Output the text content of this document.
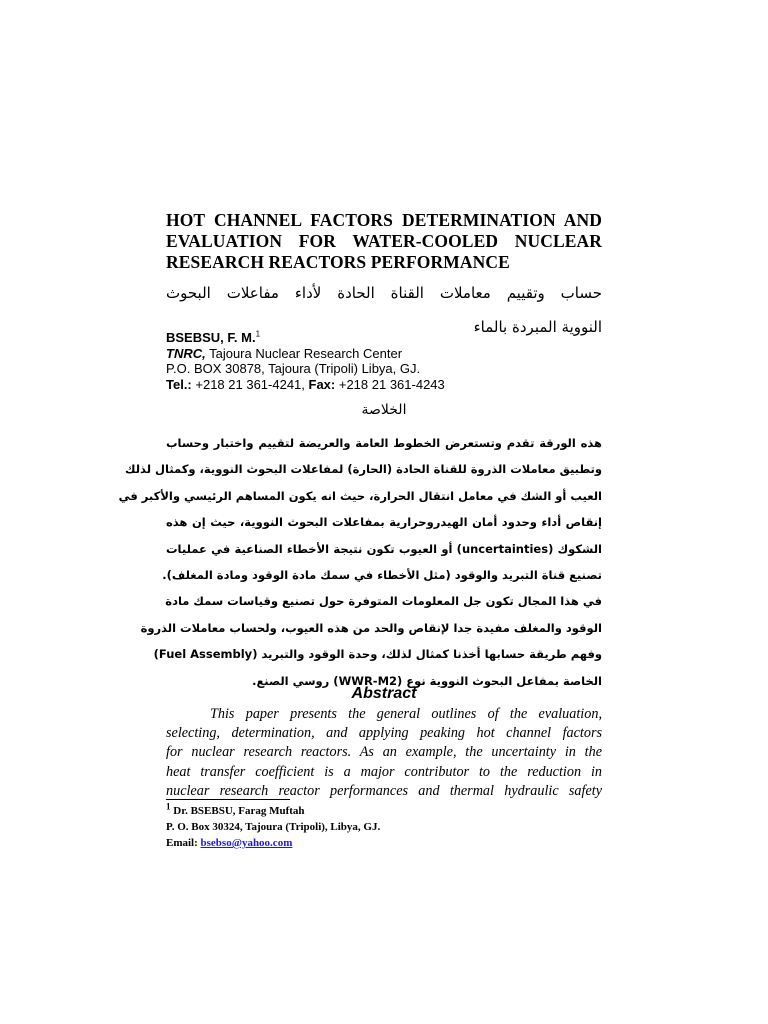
HOT CHANNEL FACTORS DETERMINATION AND
EVALUATION FOR WATER-COOLED NUCLEAR
RESEARCH REACTORS PERFORMANCE
حساب وتقييم معاملات القناة الحادة لأداء مفاعلات البحوث
النووية المبردة بالماء
BSEBSU, F. M.$^1$
TNRC, Tajoura Nuclear Research Center
P.O. BOX 30878, Tajoura (Tripoli) Libya, GJ.
Tel.: +218 21 361-4241, Fax: +218 21 361-4243
الخلاصة
هذه الورقة تقدم وتستعرض الخطوط العامة والعريضة لتقييم واختبار وحساب
وتطبيق معاملات الذروة للقناة الحادة (الحارة) لمفاعلات البحوث النووية، وكمثال لذلك
العيب أو الشك في معامل انتقال الحرارة، حيث انه يكون المساهم الرئيسي والأكبر في
إنقاص أداء وحدود أمان الهيدروحرارية بمفاعلات البحوث النووية، حيث إن هذه
الشكوك (uncertainties) أو العيوب تكون نتيجة الأخطاء الصناعية في عمليات
تصنيع قناة التبريد والوقود (مثل الأخطاء في سمك مادة الوقود ومادة المغلف).
في هذا المجال تكون جل المعلومات المتوفرة حول تصنيع وقياسات سمك مادة
الوقود والمغلف مفيدة جدا لإنقاص والحد من هذه العيوب، ولحساب معاملات الذروة
وفهم طريقة حسابها أخذنا كمثال لذلك، وحدة الوقود والتبريد (Fuel Assembly)
الخاصة بمفاعل البحوث النووية نوع (WWR-M2) روسي الصنع.
Abstract
This paper presents the general outlines of the evaluation,
selecting, determination, and applying peaking hot channel factors
for nuclear research reactors. As an example, the uncertainty in the
heat transfer coefficient is a major contributor to the reduction in
nuclear research reactor performances and thermal hydraulic safety
$^1$ Dr. BSEBSU, Farag Muftah
P. O. Box 30324, Tajoura (Tripoli), Libya, GJ.
Email: bsebso@yahoo.com
